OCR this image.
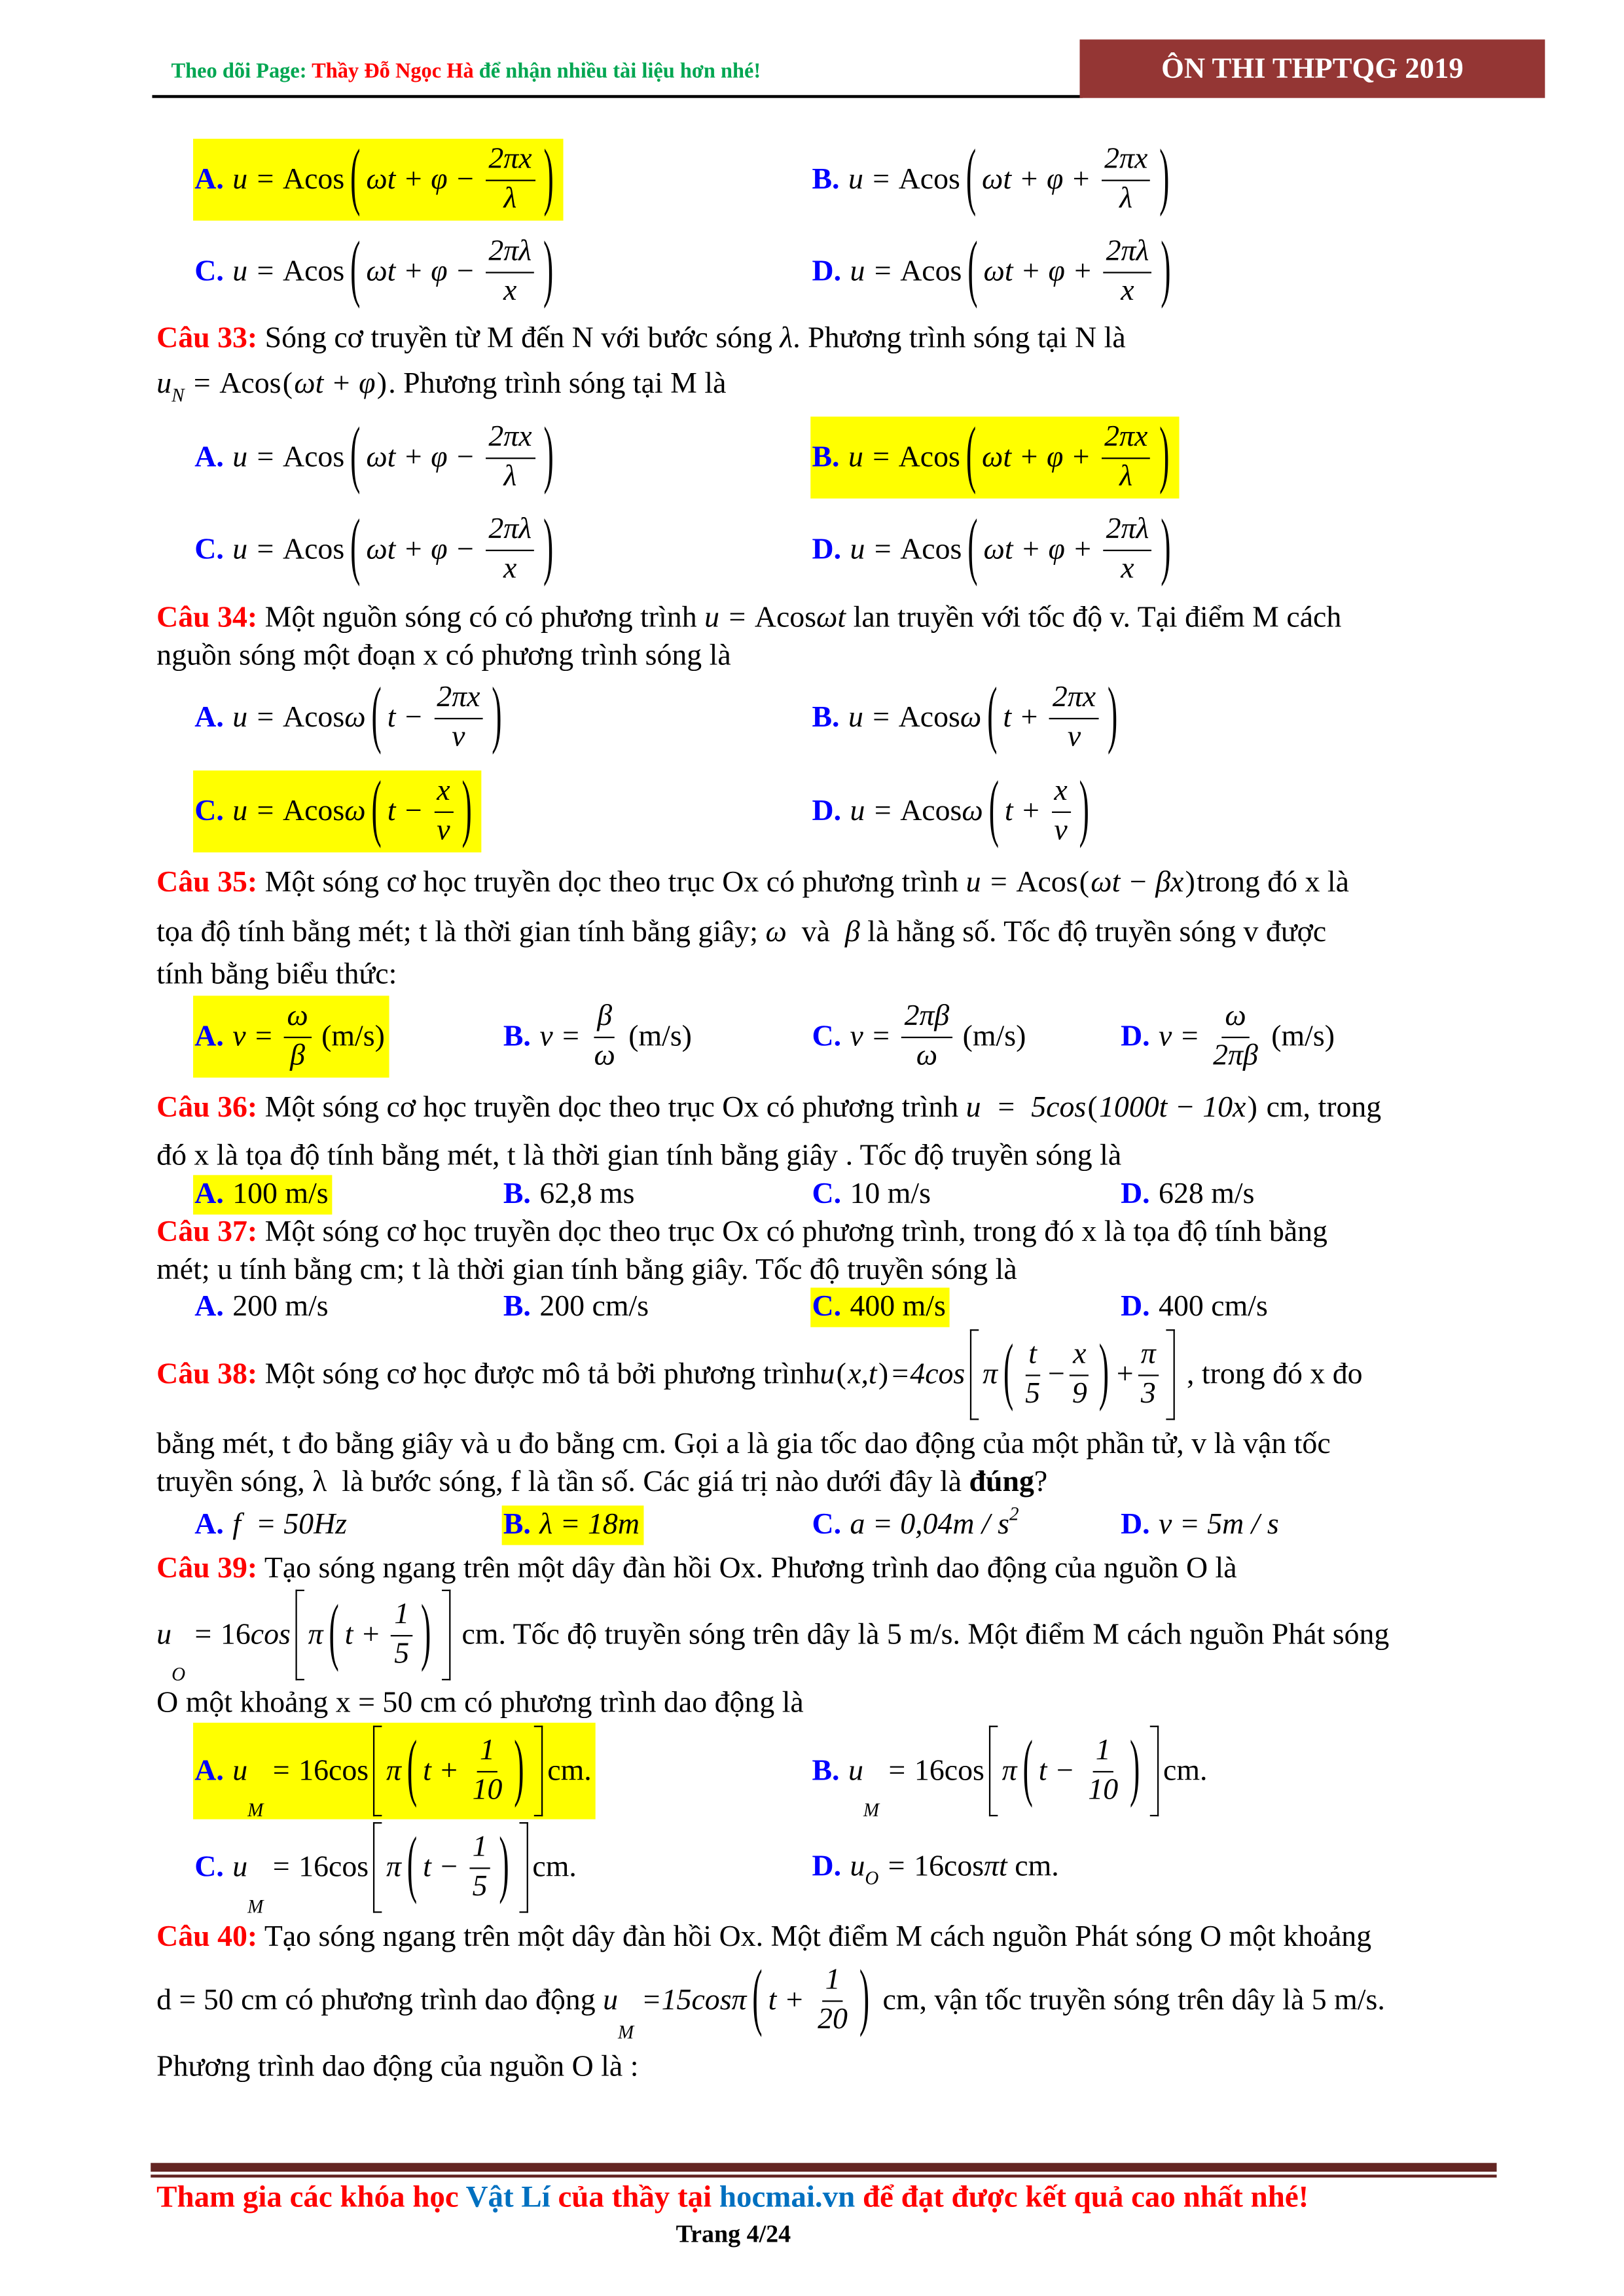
Theo dõi Page: Thầy Đỗ Ngọc Hà để nhận nhiều tài liệu hơn nhé!	ÔN THI THPTQG 2019
A. u = Acos ( $\omega t + \varphi - \frac{2\pi x}{\lambda}$ )	B. u = Acos ( $\omega t + \varphi + \frac{2\pi x}{\lambda}$ )
C. u = Acos ( $\omega t + \varphi - \frac{2\pi\lambda}{x}$ )	D. u = Acos ( $\omega t + \varphi + \frac{2\pi\lambda}{x}$ )
Câu 33: Sóng cơ truyền từ M đến N với bước sóng λ . Phương trình sóng tại N là
u N = Acos ( ωt + φ ) . Phương trình sóng tại M là
A. u = Acos ( $\omega t + \varphi - \frac{2\pi x}{\lambda}$ )	B. u = Acos ( $\omega t + \varphi + \frac{2\pi x}{\lambda}$ )
C. u = Acos ( $\omega t + \varphi - \frac{2\pi\lambda}{x}$ )	D. u = Acos ( $\omega t + \varphi + \frac{2\pi\lambda}{x}$ )
Câu 34: Một nguồn sóng có có phương trình u = Acos ωt lan truyền với tốc độ v. Tại điểm M cách
nguồn sóng một đoạn x có phương trình sóng là
A. u = Acos ω ( $t - \frac{2\pi x}{v}$ )	B. u = Acos ω ( $t + \frac{2\pi x}{v}$ )
C. u = Acos ω ( $t - \frac{x}{v}$ )	D. u = Acos ω ( $t + \frac{x}{v}$ )
Câu 35: Một sóng cơ học truyền dọc theo trục Ox có phương trình u = Acos ( ωt − βx ) trong đó x là
tọa độ tính bằng mét; t là thời gian tính bằng giây; ω và β là hằng số. Tốc độ truyền sóng v được
tính bằng biểu thức:
A. $v = \frac{\omega}{\beta} (m/s)$	B. $v = \frac{\beta}{\omega} (m/s)$	C. $v = \frac{2\pi\beta}{\omega} (m/s)$	D. $v = \frac{\omega}{2\pi\beta} (m/s)$
Câu 36: Một sóng cơ học truyền dọc theo trục Ox có phương trình u  =  5cos ( 1000t − 10x ) cm, trong
đó x là tọa độ tính bằng mét, t là thời gian tính bằng giây . Tốc độ truyền sóng là
A. 100 m/s	B. 62,8 ms	C. 10 m/s	D. 628 m/s
Câu 37: Một sóng cơ học truyền dọc theo trục Ox có phương trình, trong đó x là tọa độ tính bằng
mét; u tính bằng cm; t là thời gian tính bằng giây. Tốc độ truyền sóng là
A. 200 m/s	B. 200 cm/s	C. 400 m/s	D. 400 cm/s
Câu 38: Một sóng cơ học được mô tả bởi phương trình u ( x,t ) =4cos π ( $\frac{t}{5} - \frac{x}{9}$ ) + $\frac{\pi}{3}$ , trong đó x đo
bằng mét, t đo bằng giây và u đo bằng cm. Gọi a là gia tốc dao động của một phần tử, v là vận tốc
truyền sóng, λ  là bước sóng, f là tần số. Các giá trị nào dưới đây là đúng ?
A. f  = 50Hz	B. λ = 18m	C. a = 0,04m / s 2	D. v = 5m / s
Câu 39: Tạo sóng ngang trên một dây đàn hồi Ox. Phương trình dao động của nguồn O là
u
O
= 16 cos π ( $t + \frac{1}{5}$ ) cm. Tốc độ truyền sóng trên dây là 5 m/s. Một điểm M cách nguồn Phát sóng
O một khoảng x = 50 cm có phương trình dao động là
A. u
M
= 16cos π ( $t + \frac{1}{10}$ ) cm.	B. u
M
= 16cos π ( $t - \frac{1}{10}$ ) cm.
C. u
M
= 16cos π ( $t - \frac{1}{5}$ ) cm.	D. u O = 16cos πt cm.
Câu 40: Tạo sóng ngang trên một dây đàn hồi Ox. Một điểm M cách nguồn Phát sóng O một khoảng
d = 50 cm có phương trình dao động u
M
=15cosπ ( $t + \frac{1}{20}$ ) cm, vận tốc truyền sóng trên dây là 5 m/s.
Phương trình dao động của nguồn O là :
Tham gia các khóa học Vật Lí của thầy tại hocmai.vn để đạt được kết quả cao nhất nhé!
Trang 4/24
